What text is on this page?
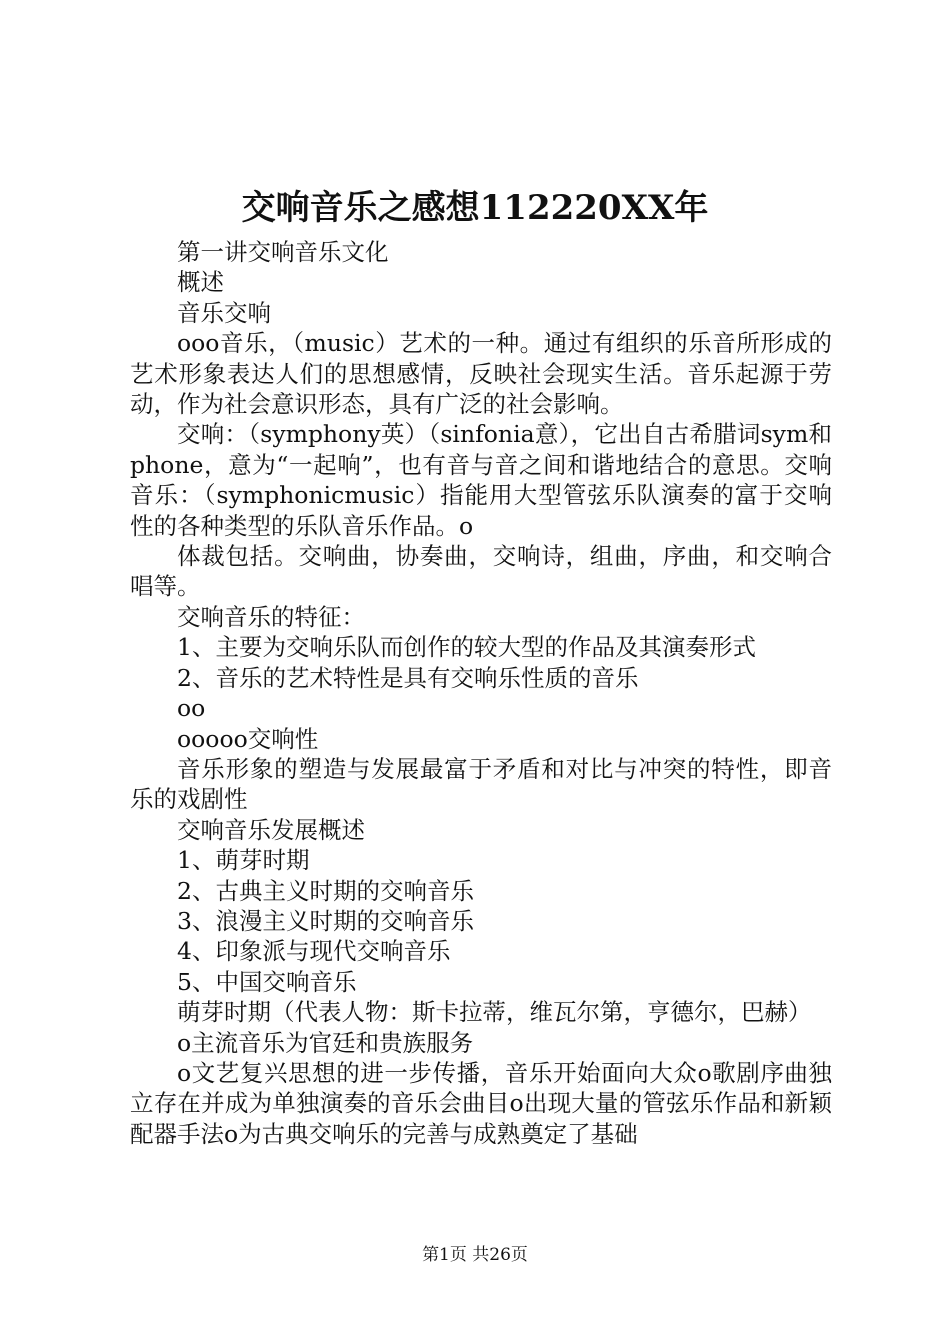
交响音乐之感想112220XX年

第一讲交响音乐文化

概述

音乐交响

ooo音乐，（music）艺术的一种。通过有组织的乐音所形成的艺术形象表达人们的思想感情，反映社会现实生活。音乐起源于劳动，作为社会意识形态，具有广泛的社会影响。

交响：（symphony英）（sinfonia意），它出自古希腊词sym和phone，意为“一起响”，也有音与音之间和谐地结合的意思。交响音乐：（symphonicmusic）指能用大型管弦乐队演奏的富于交响性的各种类型的乐队音乐作品。o

体裁包括。交响曲，协奏曲，交响诗，组曲，序曲，和交响合唱等。

交响音乐的特征：

1、主要为交响乐队而创作的较大型的作品及其演奏形式

2、音乐的艺术特性是具有交响乐性质的音乐

oo

ooooo交响性

音乐形象的塑造与发展最富于矛盾和对比与冲突的特性，即音乐的戏剧性

交响音乐发展概述

1、萌芽时期

2、古典主义时期的交响音乐

3、浪漫主义时期的交响音乐

4、印象派与现代交响音乐

5、中国交响音乐

萌芽时期（代表人物：斯卡拉蒂，维瓦尔第，亨德尔，巴赫）

o主流音乐为官廷和贵族服务

o文艺复兴思想的进一步传播，音乐开始面向大众o歌剧序曲独立存在并成为单独演奏的音乐会曲目o出现大量的管弦乐作品和新颖配器手法o为古典交响乐的完善与成熟奠定了基础

第1页 共26页
